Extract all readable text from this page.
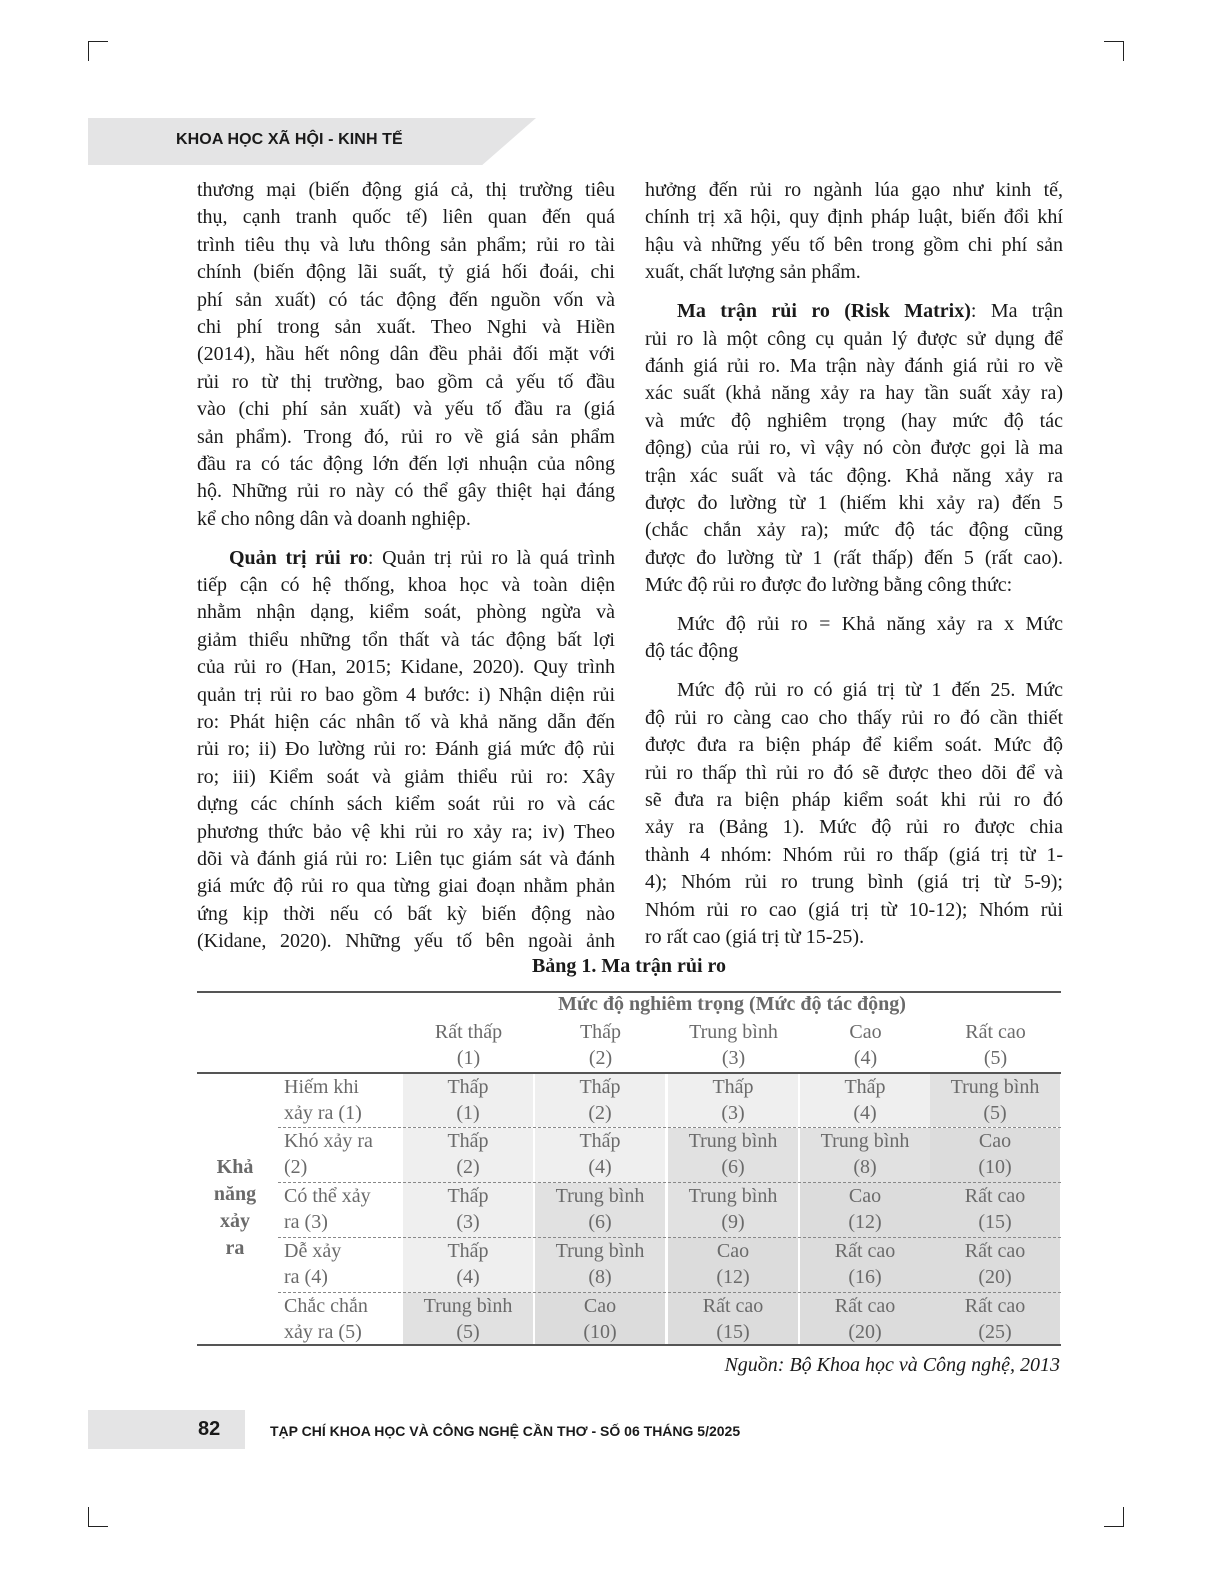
KHOA HỌC XÃ HỘI - KINH TẾ
thương mại (biến động giá cả, thị trường tiêu
thụ, cạnh tranh quốc tế) liên quan đến quá
trình tiêu thụ và lưu thông sản phẩm; rủi ro tài
chính (biến động lãi suất, tỷ giá hối đoái, chi
phí sản xuất) có tác động đến nguồn vốn và
chi phí trong sản xuất. Theo Nghi và Hiền
(2014), hầu hết nông dân đều phải đối mặt với
rủi ro từ thị trường, bao gồm cả yếu tố đầu
vào (chi phí sản xuất) và yếu tố đầu ra (giá
sản phẩm). Trong đó, rủi ro về giá sản phẩm
đầu ra có tác động lớn đến lợi nhuận của nông
hộ. Những rủi ro này có thể gây thiệt hại đáng
kể cho nông dân và doanh nghiệp.
Quản trị rủi ro: Quản trị rủi ro là quá trình
tiếp cận có hệ thống, khoa học và toàn diện
nhằm nhận dạng, kiểm soát, phòng ngừa và
giảm thiểu những tổn thất và tác động bất lợi
của rủi ro (Han, 2015; Kidane, 2020). Quy trình
quản trị rủi ro bao gồm 4 bước: i) Nhận diện rủi
ro: Phát hiện các nhân tố và khả năng dẫn đến
rủi ro; ii) Đo lường rủi ro: Đánh giá mức độ rủi
ro; iii) Kiểm soát và giảm thiểu rủi ro: Xây
dựng các chính sách kiểm soát rủi ro và các
phương thức bảo vệ khi rủi ro xảy ra; iv) Theo
dõi và đánh giá rủi ro: Liên tục giám sát và đánh
giá mức độ rủi ro qua từng giai đoạn nhằm phản
ứng kịp thời nếu có bất kỳ biến động nào
(Kidane, 2020). Những yếu tố bên ngoài ảnh
hưởng đến rủi ro ngành lúa gạo như kinh tế,
chính trị xã hội, quy định pháp luật, biến đổi khí
hậu và những yếu tố bên trong gồm chi phí sản
xuất, chất lượng sản phẩm.
Ma trận rủi ro (Risk Matrix): Ma trận
rủi ro là một công cụ quản lý được sử dụng để
đánh giá rủi ro. Ma trận này đánh giá rủi ro về
xác suất (khả năng xảy ra hay tần suất xảy ra)
và mức độ nghiêm trọng (hay mức độ tác
động) của rủi ro, vì vậy nó còn được gọi là ma
trận xác suất và tác động. Khả năng xảy ra
được đo lường từ 1 (hiếm khi xảy ra) đến 5
(chắc chắn xảy ra); mức độ tác động cũng
được đo lường từ 1 (rất thấp) đến 5 (rất cao).
Mức độ rủi ro được đo lường bằng công thức:
Mức độ rủi ro = Khả năng xảy ra x Mức
độ tác động
Mức độ rủi ro có giá trị từ 1 đến 25. Mức
độ rủi ro càng cao cho thấy rủi ro đó cần thiết
được đưa ra biện pháp để kiểm soát. Mức độ
rủi ro thấp thì rủi ro đó sẽ được theo dõi để và
sẽ đưa ra biện pháp kiểm soát khi rủi ro đó
xảy ra (Bảng 1). Mức độ rủi ro được chia
thành 4 nhóm: Nhóm rủi ro thấp (giá trị từ 1-
4); Nhóm rủi ro trung bình (giá trị từ 5-9);
Nhóm rủi ro cao (giá trị từ 10-12); Nhóm rủi
ro rất cao (giá trị từ 15-25).
Bảng 1. Ma trận rủi ro
Mức độ nghiêm trọng (Mức độ tác động)
Rất thấp
(1)
Thấp
(2)
Trung bình
(3)
Cao
(4)
Rất cao
(5)
Khả
năng
xảy
ra
Hiếm khi
xảy ra (1)
Thấp
(1)
Thấp
(2)
Thấp
(3)
Thấp
(4)
Trung bình
(5)
Khó xảy ra
(2)
Thấp
(2)
Thấp
(4)
Trung bình
(6)
Trung bình
(8)
Cao
(10)
Có thể xảy
ra (3)
Thấp
(3)
Trung bình
(6)
Trung bình
(9)
Cao
(12)
Rất cao
(15)
Dễ xảy
ra (4)
Thấp
(4)
Trung bình
(8)
Cao
(12)
Rất cao
(16)
Rất cao
(20)
Chắc chắn
xảy ra (5)
Trung bình
(5)
Cao
(10)
Rất cao
(15)
Rất cao
(20)
Rất cao
(25)
Nguồn: Bộ Khoa học và Công nghệ, 2013
82	TẠP CHÍ KHOA HỌC VÀ CÔNG NGHỆ CẦN THƠ - SỐ 06 THÁNG 5/2025
